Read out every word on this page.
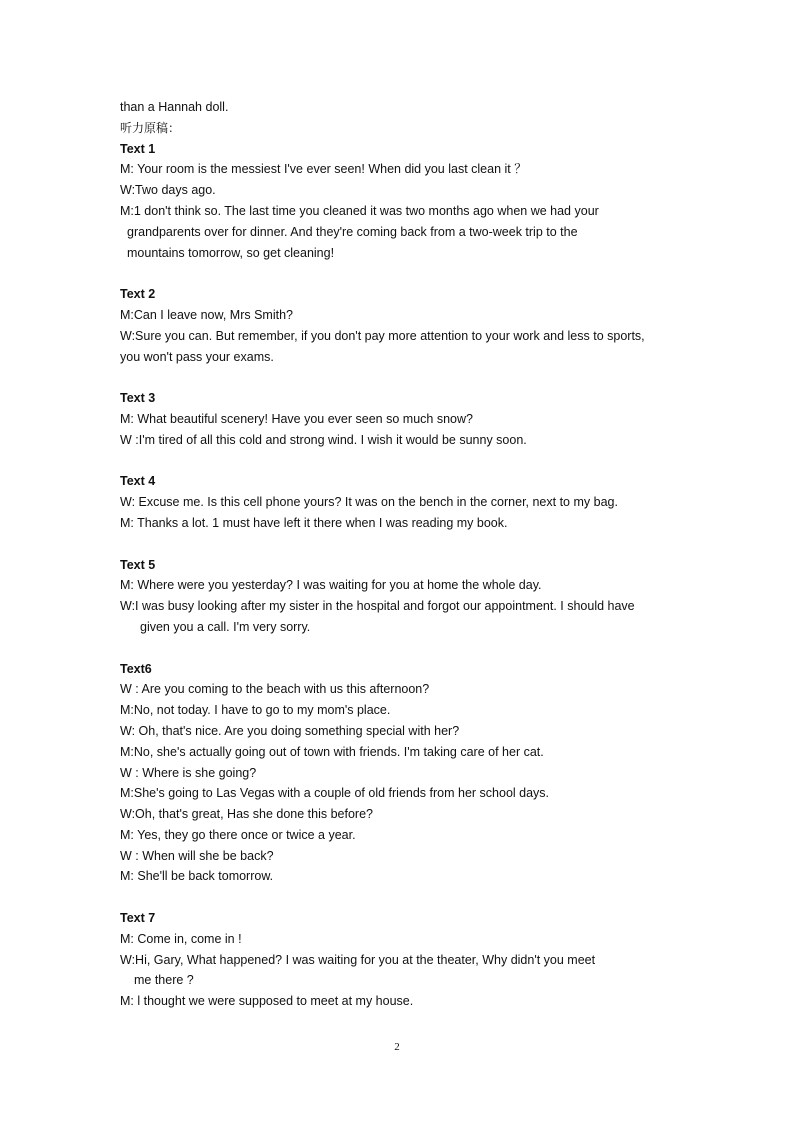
than a Hannah doll.
听力原稿：
Text 1
M: Your room is the messiest I've ever seen! When did you last clean it ？
W:Two days ago.
M:1 don't think so. The last time you cleaned it was two months ago when we had your
grandparents over for dinner. And they're coming back from a two-week trip to the
mountains tomorrow, so get cleaning!
Text 2
M:Can I leave now, Mrs Smith?
W:Sure you can. But remember, if you don't pay more attention to your work and less to sports,
you won't pass your exams.
Text 3
M: What beautiful scenery! Have you ever seen so much snow?
W :I'm tired of all this cold and strong wind. I wish it would be sunny soon.
Text 4
W: Excuse me. Is this cell phone yours? It was on the bench in the corner, next to my bag.
M: Thanks a lot. 1 must have left it there when I was reading my book.
Text 5
M: Where were you yesterday? I was waiting for you at home the whole day.
W:I was busy looking after my sister in the hospital and forgot our appointment. I should have
given you a call. I'm very sorry.
Text6
W : Are you coming to the beach with us this afternoon?
M:No, not today. I have to go to my mom's place.
W: Oh, that's nice. Are you doing something special with her?
M:No, she's actually going out of town with friends. I'm taking care of her cat.
W : Where is she going?
M:She's going to Las Vegas with a couple of old friends from her school days.
W:Oh, that's great, Has she done this before?
M: Yes, they go there once or twice a year.
W : When will she be back?
M: She'll be back tomorrow.
Text 7
M: Come in, come in !
W:Hi, Gary, What happened? I was waiting for you at the theater, Why didn't you meet
me there ?
M: l thought we were supposed to meet at my house.
2
